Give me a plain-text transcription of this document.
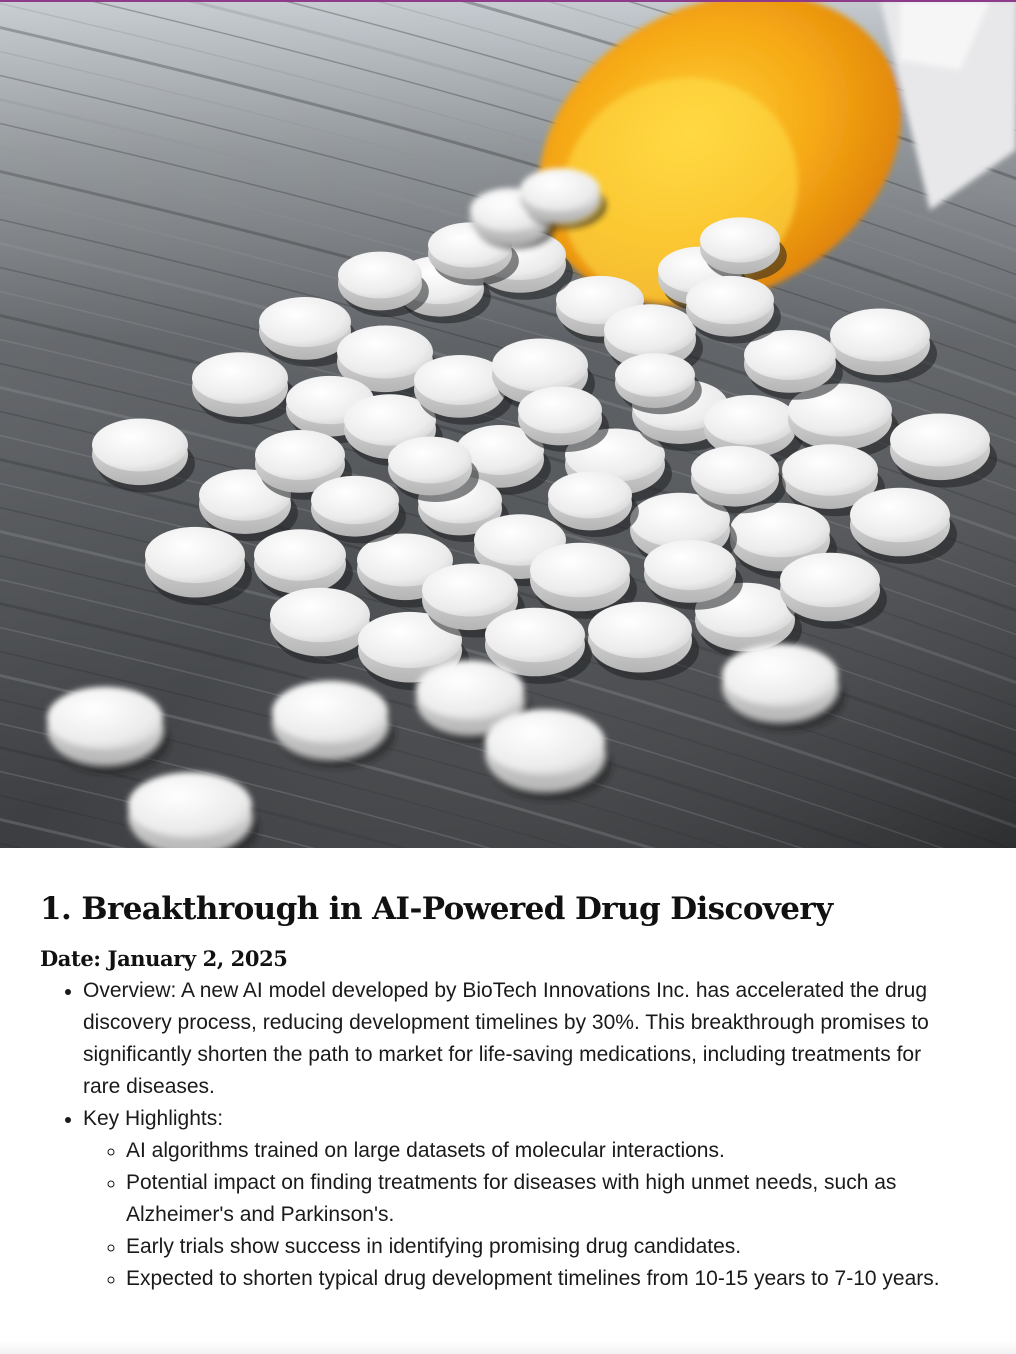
1. Breakthrough in AI-Powered Drug Discovery
Date: January 2, 2025
• Overview: A new AI model developed by BioTech Innovations Inc. has accelerated the drug discovery process, reducing development timelines by 30%. This breakthrough promises to significantly shorten the path to market for life-saving medications, including treatments for rare diseases.
• Key Highlights:
◦ AI algorithms trained on large datasets of molecular interactions.
◦ Potential impact on finding treatments for diseases with high unmet needs, such as Alzheimer's and Parkinson's.
◦ Early trials show success in identifying promising drug candidates.
◦ Expected to shorten typical drug development timelines from 10-15 years to 7-10 years.
